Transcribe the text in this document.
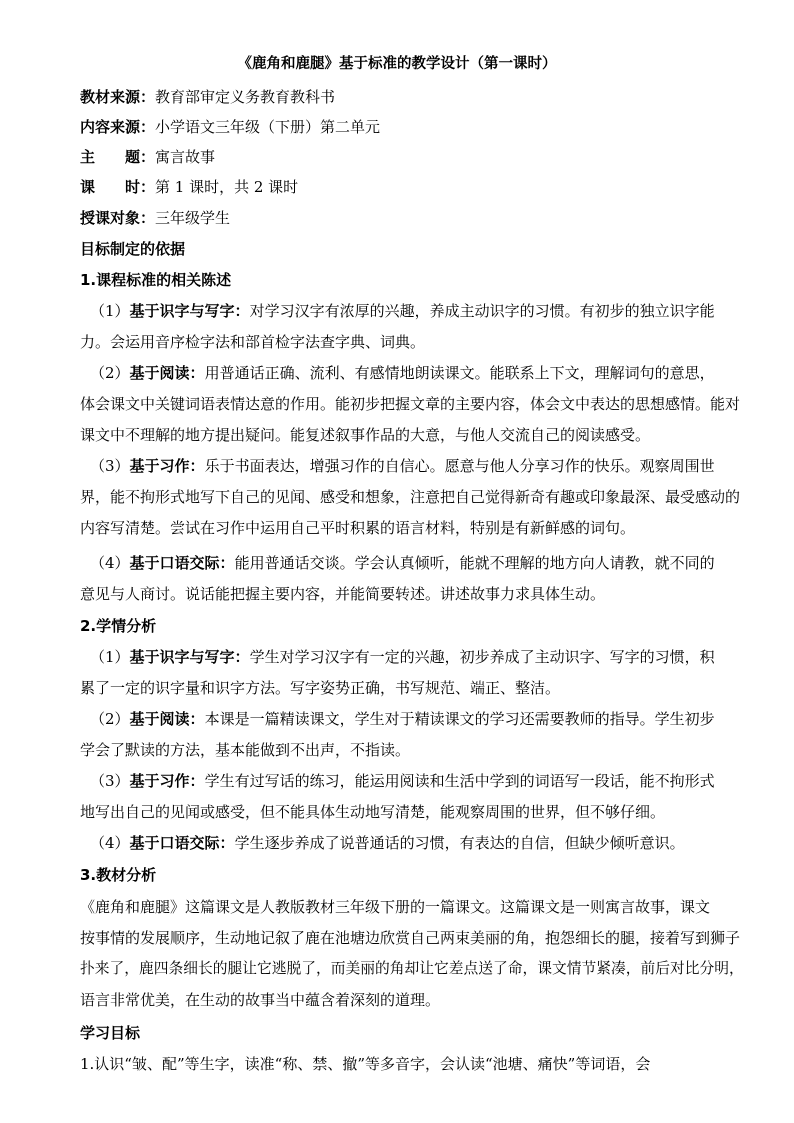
《鹿角和鹿腿》基于标准的教学设计（第一课时）
教材来源：教育部审定义务教育教科书
内容来源：小学语文三年级（下册）第二单元
主　　题：寓言故事
课　　时：第 1 课时，共 2 课时
授课对象：三年级学生
目标制定的依据
1.课程标准的相关陈述
（1）基于识字与写字：对学习汉字有浓厚的兴趣，养成主动识字的习惯。有初步的独立识字能
力。会运用音序检字法和部首检字法查字典、词典。
（2）基于阅读：用普通话正确、流利、有感情地朗读课文。能联系上下文，理解词句的意思，
体会课文中关键词语表情达意的作用。能初步把握文章的主要内容，体会文中表达的思想感情。能对
课文中不理解的地方提出疑问。能复述叙事作品的大意，与他人交流自己的阅读感受。
（3）基于习作：乐于书面表达，增强习作的自信心。愿意与他人分享习作的快乐。观察周围世
界，能不拘形式地写下自己的见闻、感受和想象，注意把自己觉得新奇有趣或印象最深、最受感动的
内容写清楚。尝试在习作中运用自己平时积累的语言材料，特别是有新鲜感的词句。
（4）基于口语交际：能用普通话交谈。学会认真倾听，能就不理解的地方向人请教，就不同的
意见与人商讨。说话能把握主要内容，并能简要转述。讲述故事力求具体生动。
2.学情分析
（1）基于识字与写字：学生对学习汉字有一定的兴趣，初步养成了主动识字、写字的习惯，积
累了一定的识字量和识字方法。写字姿势正确，书写规范、端正、整洁。
（2）基于阅读：本课是一篇精读课文，学生对于精读课文的学习还需要教师的指导。学生初步
学会了默读的方法，基本能做到不出声，不指读。
（3）基于习作：学生有过写话的练习，能运用阅读和生活中学到的词语写一段话，能不拘形式
地写出自己的见闻或感受，但不能具体生动地写清楚，能观察周围的世界，但不够仔细。
（4）基于口语交际：学生逐步养成了说普通话的习惯，有表达的自信，但缺少倾听意识。
3.教材分析
《鹿角和鹿腿》这篇课文是人教版教材三年级下册的一篇课文。这篇课文是一则寓言故事，课文
按事情的发展顺序，生动地记叙了鹿在池塘边欣赏自己两束美丽的角，抱怨细长的腿，接着写到狮子
扑来了，鹿四条细长的腿让它逃脱了，而美丽的角却让它差点送了命，课文情节紧凑，前后对比分明，
语言非常优美，在生动的故事当中蕴含着深刻的道理。
学习目标
1.认识“皱、配”等生字，读准“称、禁、撤”等多音字，会认读“池塘、痛快”等词语，会
